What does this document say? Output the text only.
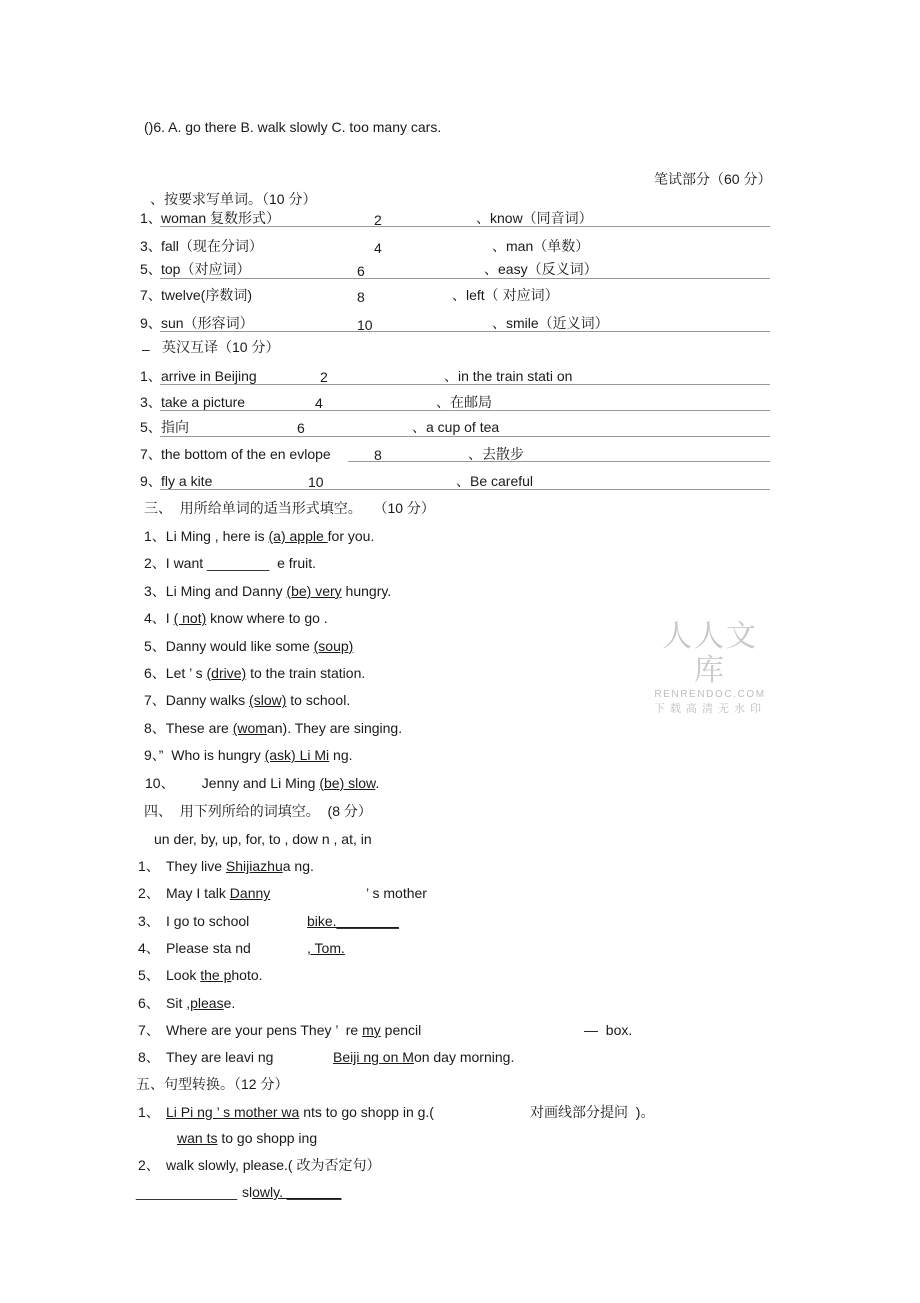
()6. A. go there B. walk slowly C. too many cars.
笔试部分（60 分）
、按要求写单词。（10 分）
1、 woman 复数形式）	2	、know（同音词）
3、 fall（现在分词）	4	、man（单数）
5、 top（对应词）	6	、easy（反义词）
7、 twelve(序数词)	8	、left（ 对应词）
9、 sun（形容词）	10	、smile（近义词）
– 英汉互译（10 分）
1、 arrive in Beijing	2	、in the train stati on
3、 take a picture	4	、在邮局
5、 指向	6	、a cup of tea
7、 the bottom of the en evlope	8	、去散步
9、 fly a kite	10	、Be careful
三、  用所给单词的适当形式填空。   （10 分）
1、Li Ming , here is (a) apple for you.
2、I want ________  e fruit.
3、Li Ming and Danny (be) very hungry.
4、I ( not) know where to go .
5、Danny would like some (soup)
6、Let ’ s (drive) to the train station.
7、Danny walks (slow) to school.
8、These are (woman). They are singing.
9、”  Who is hungry (ask) Li Mi ng.
10、       Jenny and Li Ming (be) slow.
四、  用下列所给的词填空。  (8 分）
un der, by, up, for, to , dow n , at, in
1、 They live Shijiazhua ng.
2、 May I talk Danny	’ s mother
3、 I go to school	bike.________
4、 Please sta nd	, Tom.
5、 Look the photo.
6、 Sit ,please.
7、 Where are your pens They ’  re my pencil	—  box.
8、 They are leavi ng	Beiji ng on Mon day morning.
五、句型转换。（12 分）
1、 Li Pi ng ’ s mother wa nts to go shopp in g.(	对画线部分提问  )。
wan ts to go shopp ing
2、 walk slowly, please.( 改为否定句）
_____________ slowly. _______
人人文库
RENRENDOC.COM
下载高清无水印
